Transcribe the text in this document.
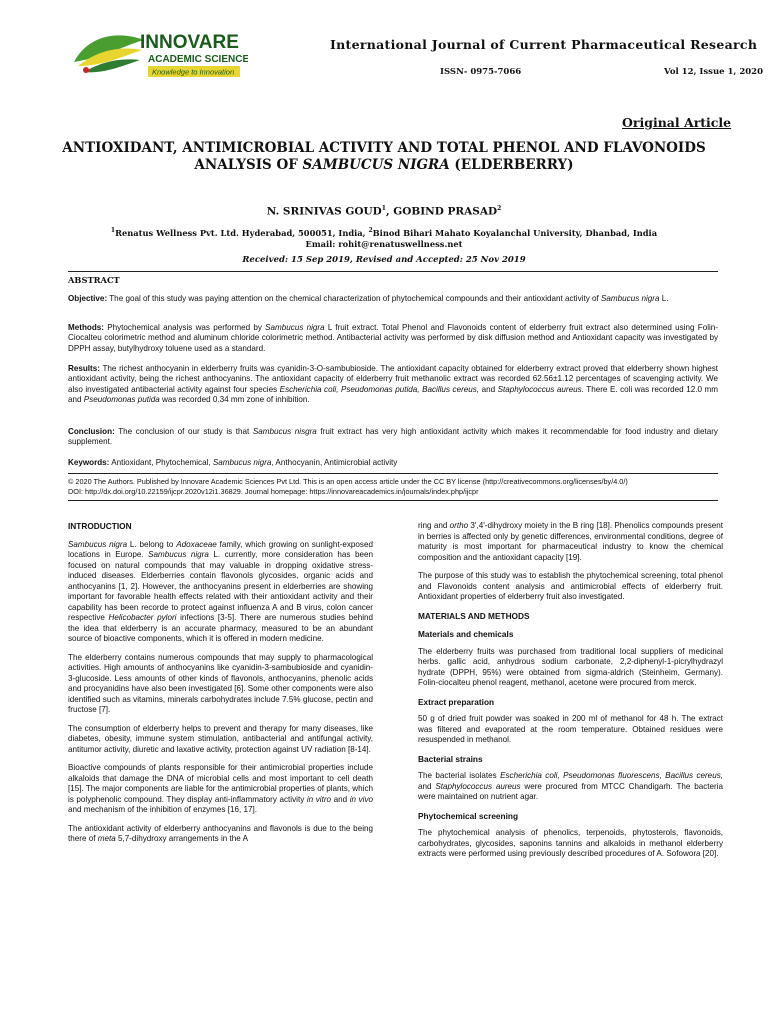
INNOVARE
ACADEMIC SCIENCES
Knowledge to Innovation
International Journal of Current Pharmaceutical Research
ISSN- 0975-7066	Vol 12, Issue 1, 2020
Original Article
ANTIOXIDANT, ANTIMICROBIAL ACTIVITY AND TOTAL PHENOL AND FLAVONOIDS
ANALYSIS OF SAMBUCUS NIGRA (ELDERBERRY)
N. SRINIVAS GOUD$^1$, GOBIND PRASAD$^2$
$^1$Renatus Wellness Pvt. Ltd. Hyderabad, 500051, India, $^2$Binod Bihari Mahato Koyalanchal University, Dhanbad, India
Email: rohit@renatuswellness.net
Received: 15 Sep 2019, Revised and Accepted: 25 Nov 2019
ABSTRACT
Objective: The goal of this study was paying attention on the chemical characterization of phytochemical compounds and their antioxidant activity of Sambucus nigra L.
Methods: Phytochemical analysis was performed by Sambucus nigra L fruit extract. Total Phenol and Flavonoids content of elderberry fruit extract also determined using Folin-Ciocalteu colorimetric method and aluminum chloride colorimetric method. Antibacterial activity was performed by disk diffusion method and Antioxidant capacity was investigated by DPPH assay, butylhydroxy toluene used as a standard.
Results: The richest anthocyanin in elderberry fruits was cyanidin-3-O-sambubioside. The antioxidant capacity obtained for elderberry extract proved that elderberry shown highest antioxidant activity, being the richest anthocyanins. The antioxidant capacity of elderberry fruit methanolic extract was recorded 62.56±1.12 percentages of scavenging activity. We also investigated antibacterial activity against four species Escherichia coli, Pseudomonas putida, Bacillus cereus, and Staphylococcus aureus. There E. coli was recorded 12.0 mm and Pseudomonas putida was recorded 0.34 mm zone of inhibition.
Conclusion: The conclusion of our study is that Sambucus nisgra fruit extract has very high antioxidant activity which makes it recommendable for food industry and dietary supplement.
Keywords: Antioxidant, Phytochemical, Sambucus nigra, Anthocyanin, Antimicrobial activity
© 2020 The Authors. Published by Innovare Academic Sciences Pvt Ltd. This is an open access article under the CC BY license (http://creativecommons.org/licenses/by/4.0/)
DOI: http://dx.doi.org/10.22159/ijcpr.2020v12i1.36829. Journal homepage: https://innovareacademics.in/journals/index.php/ijcpr
INTRODUCTION

Sambucus nigra L. belong to Adoxaceae family, which growing on sunlight-exposed locations in Europe. Sambucus nigra L. currently, more consideration has been focused on natural compounds that may valuable in dropping oxidative stress-induced diseases. Elderberries contain flavonols glycosides, organic acids and anthocyanins [1, 2]. However, the anthocyanins present in elderberries are showing important for favorable health effects related with their antioxidant activity and their capability has been recorde to protect against influenza A and B virus, colon cancer respective Helicobacter pylori infections [3-5]. There are numerous studies behind the idea that elderberry is an accurate pharmacy, measured to be an abundant source of bioactive components, which it is offered in modern medicine.

The elderberry contains numerous compounds that may supply to pharmacological activities. High amounts of anthocyanins like cyanidin-3-sambubioside and cyanidin-3-glucoside. Less amounts of other kinds of flavonols, anthocyanins, phenolic acids and procyanidins have also been investigated [6]. Some other components were also identified such as vitamins, minerals carbohydrates include 7.5% glucose, pectin and fructose [7].

The consumption of elderberry helps to prevent and therapy for many diseases, like diabetes, obesity, immune system stimulation, antibacterial and antifungal activity, antitumor activity, diuretic and laxative activity, protection against UV radiation [8-14].

Bioactive compounds of plants responsible for their antimicrobial properties include alkaloids that damage the DNA of microbial cells and most important to cell death [15]. The major components are liable for the antimicrobial properties of plants, which is polyphenolic compound. They display anti-inflammatory activity in vitro and in vivo and mechanism of the inhibition of enzymes [16, 17].

The antioxidant activity of elderberry anthocyanins and flavonols is due to the being there of meta 5,7-dihydroxy arrangements in the A

ring and ortho 3',4'-dihydroxy moiety in the B ring [18]. Phenolics compounds present in berries is affected only by genetic differences, environmental conditions, degree of maturity is most important for pharmaceutical industry to know the chemical composition and the antioxidant capacity [19].

The purpose of this study was to establish the phytochemical screening, total phenol and Flavonoids content analysis and antimicrobial effects of elderberry fruit. Antioxidant properties of elderberry fruit also investigated.

MATERIALS AND METHODS
Materials and chemicals

The elderberry fruits was purchased from traditional local suppliers of medicinal herbs. gallic acid, anhydrous sodium carbonate, 2,2-diphenyl-1-picrylhydrazyl hydrate (DPPH, 95%) were obtained from sigma-aldrich (Steinheim, Germany). Folin-ciocalteu phenol reagent, methanol, acetone were procured from merck.

Extract preparation

50 g of dried fruit powder was soaked in 200 ml of methanol for 48 h. The extract was filtered and evaporated at the room temperature. Obtained residues were resuspended in methanol.

Bacterial strains

The bacterial isolates Escherichia coli, Pseudomonas fluorescens, Bacillus cereus, and Staphylococcus aureus were procured from MTCC Chandigarh. The bacteria were maintained on nutrient agar.

Phytochemical screening

The phytochemical analysis of phenolics, terpenoids, phytosterols, flavonoids, carbohydrates, glycosides, saponins tannins and alkaloids in methanol elderberry extracts were performed using previously described procedures of A. Sofowora [20].
